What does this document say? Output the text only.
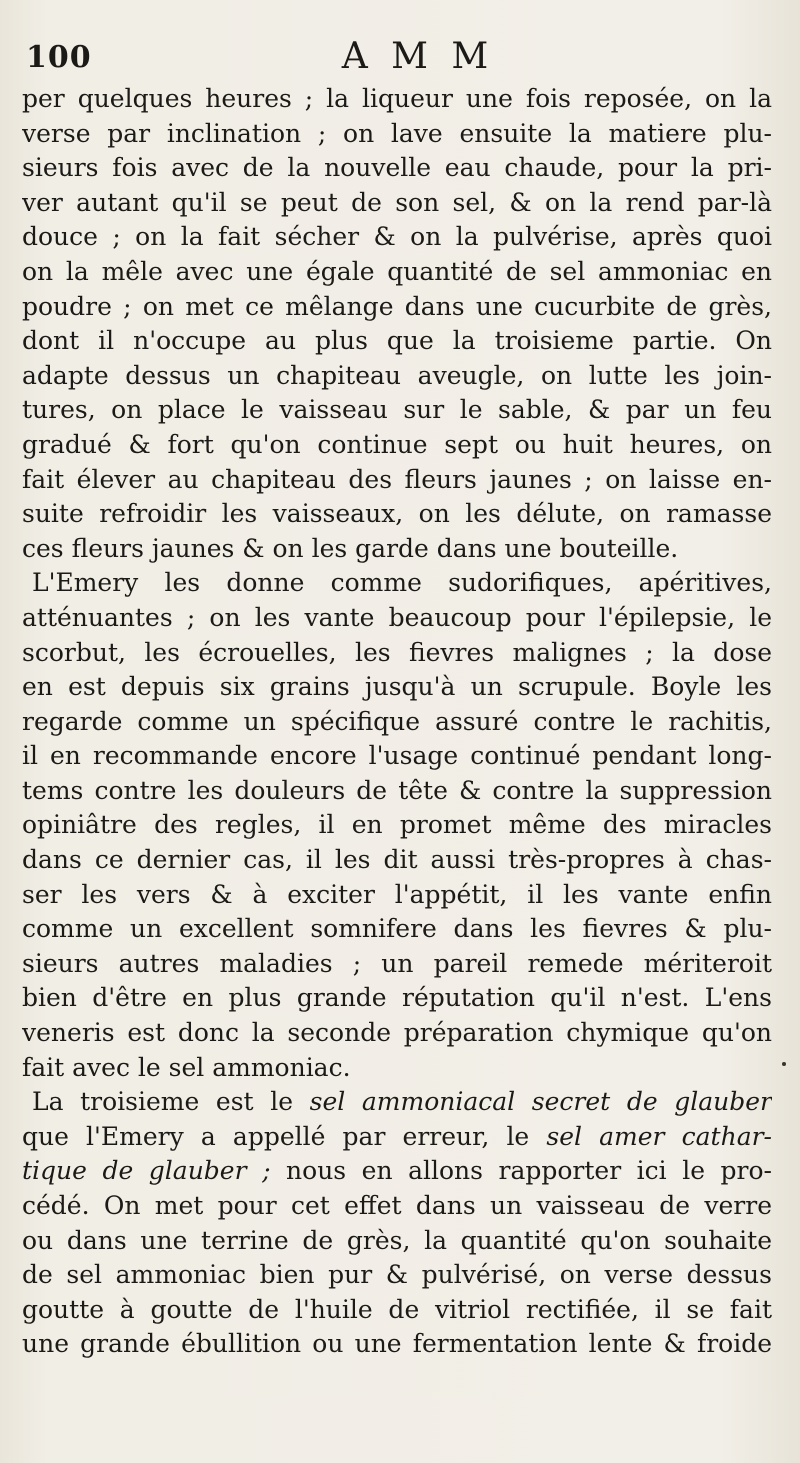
100	A M M
per quelques heures ; la liqueur une fois reposée, on la
verse par inclination ; on lave ensuite la matiere plu-
sieurs fois avec de la nouvelle eau chaude, pour la pri-
ver autant qu'il se peut de son sel, & on la rend par-là
douce ; on la fait sécher & on la pulvérise, après quoi
on la mêle avec une égale quantité de sel ammoniac en
poudre ; on met ce mêlange dans une cucurbite de grès,
dont il n'occupe au plus que la troisieme partie. On
adapte dessus un chapiteau aveugle, on lutte les join-
tures, on place le vaisseau sur le sable, & par un feu
gradué & fort qu'on continue sept ou huit heures, on
fait élever au chapiteau des fleurs jaunes ; on laisse en-
suite refroidir les vaisseaux, on les délute, on ramasse
ces fleurs jaunes & on les garde dans une bouteille.
L'Emery les donne comme sudorifiques, apéritives,
atténuantes ; on les vante beaucoup pour l'épilepsie, le
scorbut, les écrouelles, les fievres malignes ; la dose
en est depuis six grains jusqu'à un scrupule. Boyle les
regarde comme un spécifique assuré contre le rachitis,
il en recommande encore l'usage continué pendant long-
tems contre les douleurs de tête & contre la suppression
opiniâtre des regles, il en promet même des miracles
dans ce dernier cas, il les dit aussi très-propres à chas-
ser les vers & à exciter l'appétit, il les vante enfin
comme un excellent somnifere dans les fievres & plu-
sieurs autres maladies ; un pareil remede mériteroit
bien d'être en plus grande réputation qu'il n'est. L'ens
veneris est donc la seconde préparation chymique qu'on
fait avec le sel ammoniac.
La troisieme est le sel ammoniacal secret de glauber
que l'Emery a appellé par erreur, le sel amer cathar-
tique de glauber ; nous en allons rapporter ici le pro-
cédé. On met pour cet effet dans un vaisseau de verre
ou dans une terrine de grès, la quantité qu'on souhaite
de sel ammoniac bien pur & pulvérisé, on verse dessus
goutte à goutte de l'huile de vitriol rectifiée, il se fait
une grande ébullition ou une fermentation lente & froide
